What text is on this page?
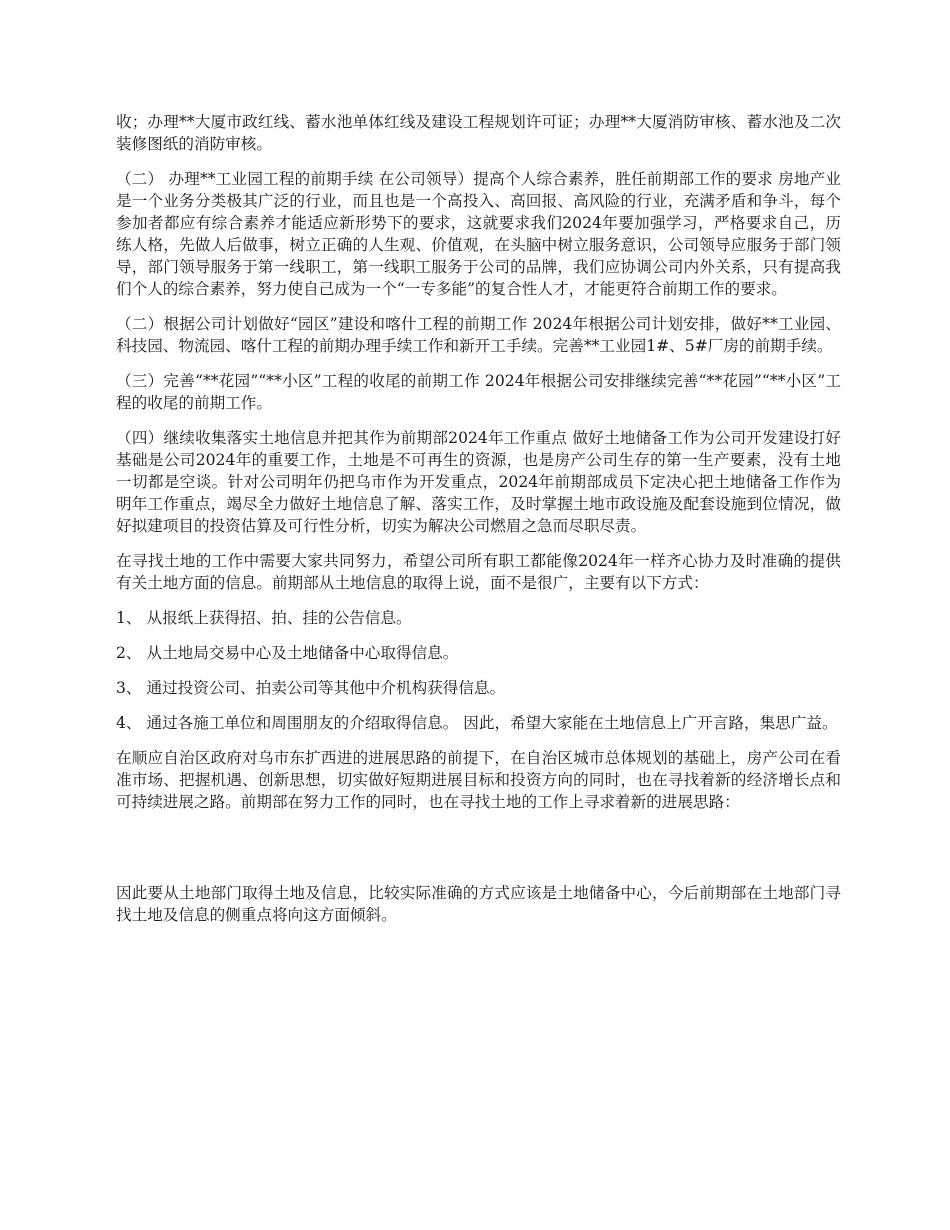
收；办理**大厦市政红线、蓄水池单体红线及建设工程规划许可证；办理**大厦消防审核、蓄水池及二次装修图纸的消防审核。

（二） 办理**工业园工程的前期手续 在公司领导）提高个人综合素养，胜任前期部工作的要求 房地产业是一个业务分类极其广泛的行业，而且也是一个高投入、高回报、高风险的行业，充满矛盾和争斗，每个参加者都应有综合素养才能适应新形势下的要求，这就要求我们2024年要加强学习，严格要求自己，历练人格，先做人后做事，树立正确的人生观、价值观，在头脑中树立服务意识，公司领导应服务于部门领导，部门领导服务于第一线职工，第一线职工服务于公司的品牌，我们应协调公司内外关系，只有提高我们个人的综合素养，努力使自己成为一个“一专多能”的复合性人才，才能更符合前期工作的要求。

（二）根据公司计划做好“园区”建设和喀什工程的前期工作 2024年根据公司计划安排，做好**工业园、科技园、物流园、喀什工程的前期办理手续工作和新开工手续。完善**工业园1#、5#厂房的前期手续。

（三）完善“**花园”“**小区”工程的收尾的前期工作 2024年根据公司安排继续完善“**花园”“**小区”工程的收尾的前期工作。

（四）继续收集落实土地信息并把其作为前期部2024年工作重点 做好土地储备工作为公司开发建设打好基础是公司2024年的重要工作，土地是不可再生的资源，也是房产公司生存的第一生产要素，没有土地一切都是空谈。针对公司明年仍把乌市作为开发重点，2024年前期部成员下定决心把土地储备工作作为明年工作重点，竭尽全力做好土地信息了解、落实工作，及时掌握土地市政设施及配套设施到位情况，做好拟建项目的投资估算及可行性分析，切实为解决公司燃眉之急而尽职尽责。

在寻找土地的工作中需要大家共同努力，希望公司所有职工都能像2024年一样齐心协力及时准确的提供有关土地方面的信息。前期部从土地信息的取得上说，面不是很广，主要有以下方式：

1、 从报纸上获得招、拍、挂的公告信息。

2、 从土地局交易中心及土地储备中心取得信息。

3、 通过投资公司、拍卖公司等其他中介机构获得信息。

4、 通过各施工单位和周围朋友的介绍取得信息。 因此，希望大家能在土地信息上广开言路，集思广益。

在顺应自治区政府对乌市东扩西进的进展思路的前提下，在自治区城市总体规划的基础上，房产公司在看准市场、把握机遇、创新思想，切实做好短期进展目标和投资方向的同时，也在寻找着新的经济增长点和可持续进展之路。前期部在努力工作的同时，也在寻找土地的工作上寻求着新的进展思路：

因此要从土地部门取得土地及信息，比较实际准确的方式应该是土地储备中心，今后前期部在土地部门寻找土地及信息的侧重点将向这方面倾斜。
